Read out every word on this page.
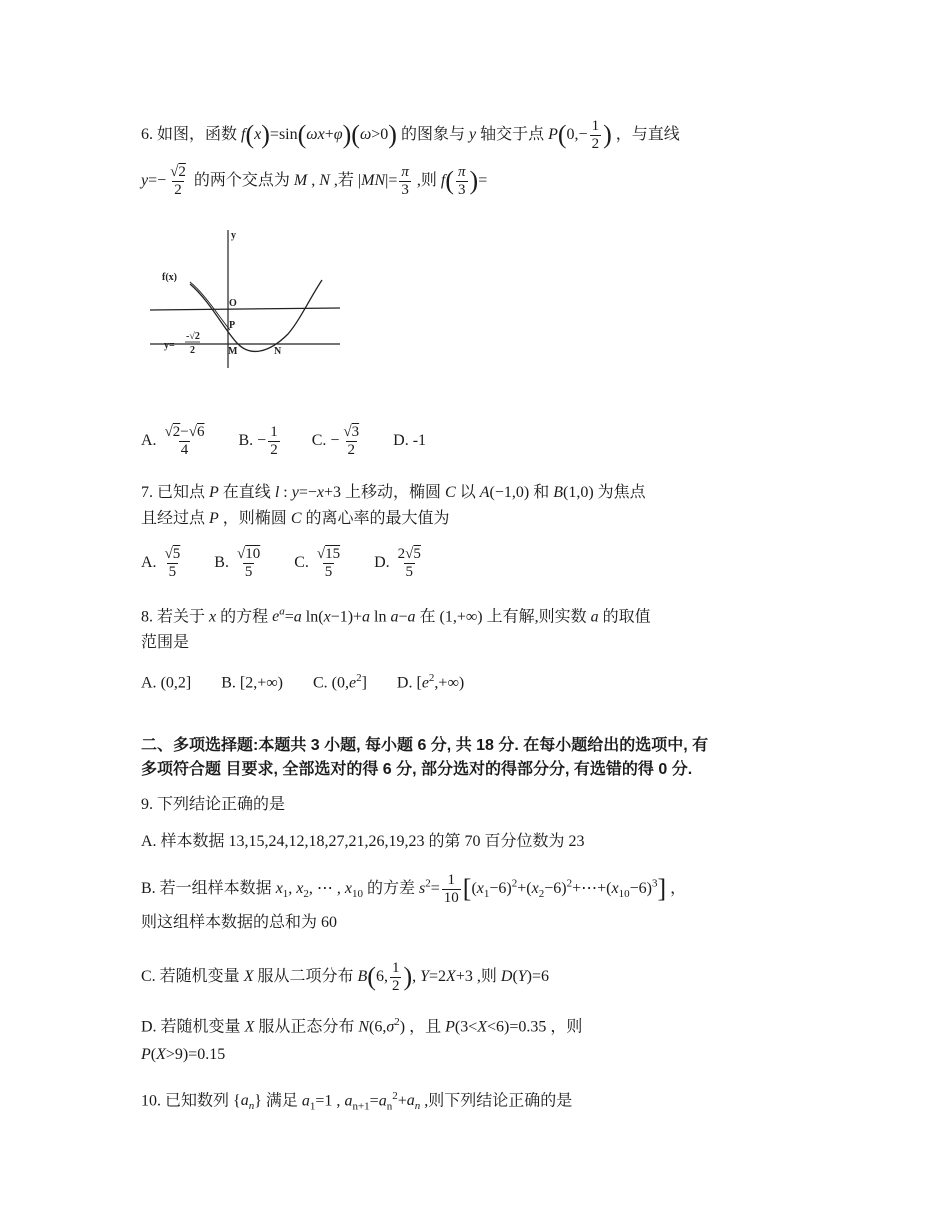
6. 如图，函数 f(x)=sin(ωx+φ)(ω>0) 的图象与 y 轴交于点 $P(0,- \frac{1}{2}$ ) ，与直线
$y=- \frac{√2}{2}$ 的两个交点为 M , N ,若 $|MN|= \frac{\pi}{3}$ ,则 $f( \frac{\pi}{3}$ )=
y
f(x)
O
P
M	N
y=
-√2
2
A. $\frac{√2-√6}{4} B$. − $\frac{1}{2} C$. − $\frac{√3}{2} D$. -1
7. 已知点 P 在直线 l : y=−x+3 上移动，椭圆 C 以 A(−1,0) 和 B(1,0) 为焦点
且经过点 P ，则椭圆 C 的离心率的最大值为
A. $\frac{√5}{5} B$. $\frac{√10}{5} C$. $\frac{√15}{5} D$. $\frac{2√5}{5}$
8. 若关于 x 的方程 $e^a=a$ ln(x−1)+a ln a−a 在 (1,+∞) 上有解,则实数 a 的取值
范围是
A. (0,2]  B. [2,+∞)  C. $(0,e^2]$  D. $[e^2,+\infty)$
二、多项选择题:本题共 3 小题, 每小题 6 分, 共 18 分. 在每小题给出的选项中, 有
多项符合题 目要求, 全部选对的得 6 分, 部分选对的得部分分, 有选错的得 0 分.
9. 下列结论正确的是
A. 样本数据 13,15,24,12,18,27,21,26,19,23 的第 70 百分位数为 23
B. 若一组样本数据 $x_1$, $x_2$, ⋯ , $x_{10}$ 的方差 $s^2= \frac{1}{10}$ $[(x_1-6)^2+(x_2-6)^2+\cdots+(x_{10}-6)^3]$ ，
则这组样本数据的总和为 60
C. 若随机变量 X 服从二项分布 B(6, $\frac{1}{2}$ ), Y=2X+3 ,则 D(Y)=6
D. 若随机变量 X 服从正态分布 $N(6,\sigma^2)$ ，且 P(3<X<6)=0.35 ，则
P(X>9)=0.15
10. 已知数列 $\{a_n\}$ 满足 $a_1=1$ , $a_{n+1}=a_n^2+a_n$ ,则下列结论正确的是
